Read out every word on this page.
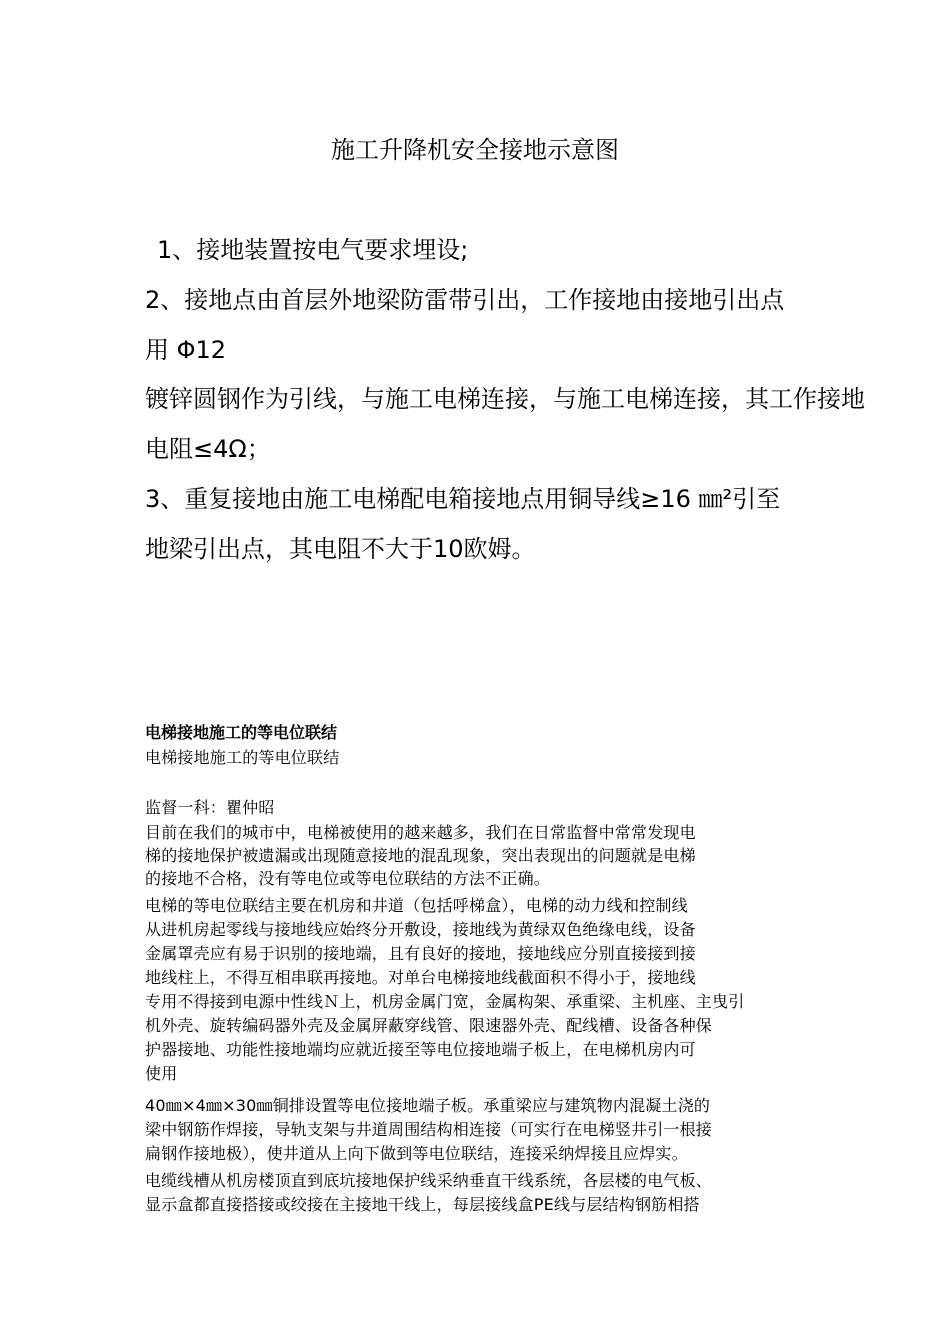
施工升降机安全接地示意图
1、接地装置按电气要求埋设;
2、接地点由首层外地梁防雷带引出，工作接地由接地引出点
用 Φ12
镀锌圆钢作为引线，与施工电梯连接，与施工电梯连接，其工作接地
电阻≤4Ω；
3、重复接地由施工电梯配电箱接地点用铜导线≥16 ㎜²引至
地梁引出点，其电阻不大于10欧姆。
电梯接地施工的等电位联结
电梯接地施工的等电位联结
监督一科：瞿仲昭
目前在我们的城市中，电梯被使用的越来越多，我们在日常监督中常常发现电
梯的接地保护被遗漏或出现随意接地的混乱现象，突出表现出的问题就是电梯
的接地不合格，没有等电位或等电位联结的方法不正确。
电梯的等电位联结主要在机房和井道（包括呼梯盒），电梯的动力线和控制线
从进机房起零线与接地线应始终分开敷设，接地线为黄绿双色绝缘电线，设备
金属罩壳应有易于识别的接地端，且有良好的接地，接地线应分别直接接到接
地线柱上，不得互相串联再接地。对单台电梯接地线截面积不得小于，接地线
专用不得接到电源中性线Ｎ上，机房金属门宽，金属构架、承重梁、主机座、主曳引
机外壳、旋转编码器外壳及金属屏蔽穿线管、限速器外壳、配线槽、设备各种保
护器接地、功能性接地端均应就近接至等电位接地端子板上，在电梯机房内可
使用
40㎜×4㎜×30㎜铜排设置等电位接地端子板。承重梁应与建筑物内混凝土浇的
梁中钢筋作焊接，导轨支架与井道周围结构相连接（可实行在电梯竖井引一根接
扁钢作接地极），使井道从上向下做到等电位联结，连接采纳焊接且应焊实。
电缆线槽从机房楼顶直到底坑接地保护线采纳垂直干线系统，各层楼的电气板、
显示盒都直接搭接或绞接在主接地干线上，每层接线盒PE线与层结构钢筋相搭
